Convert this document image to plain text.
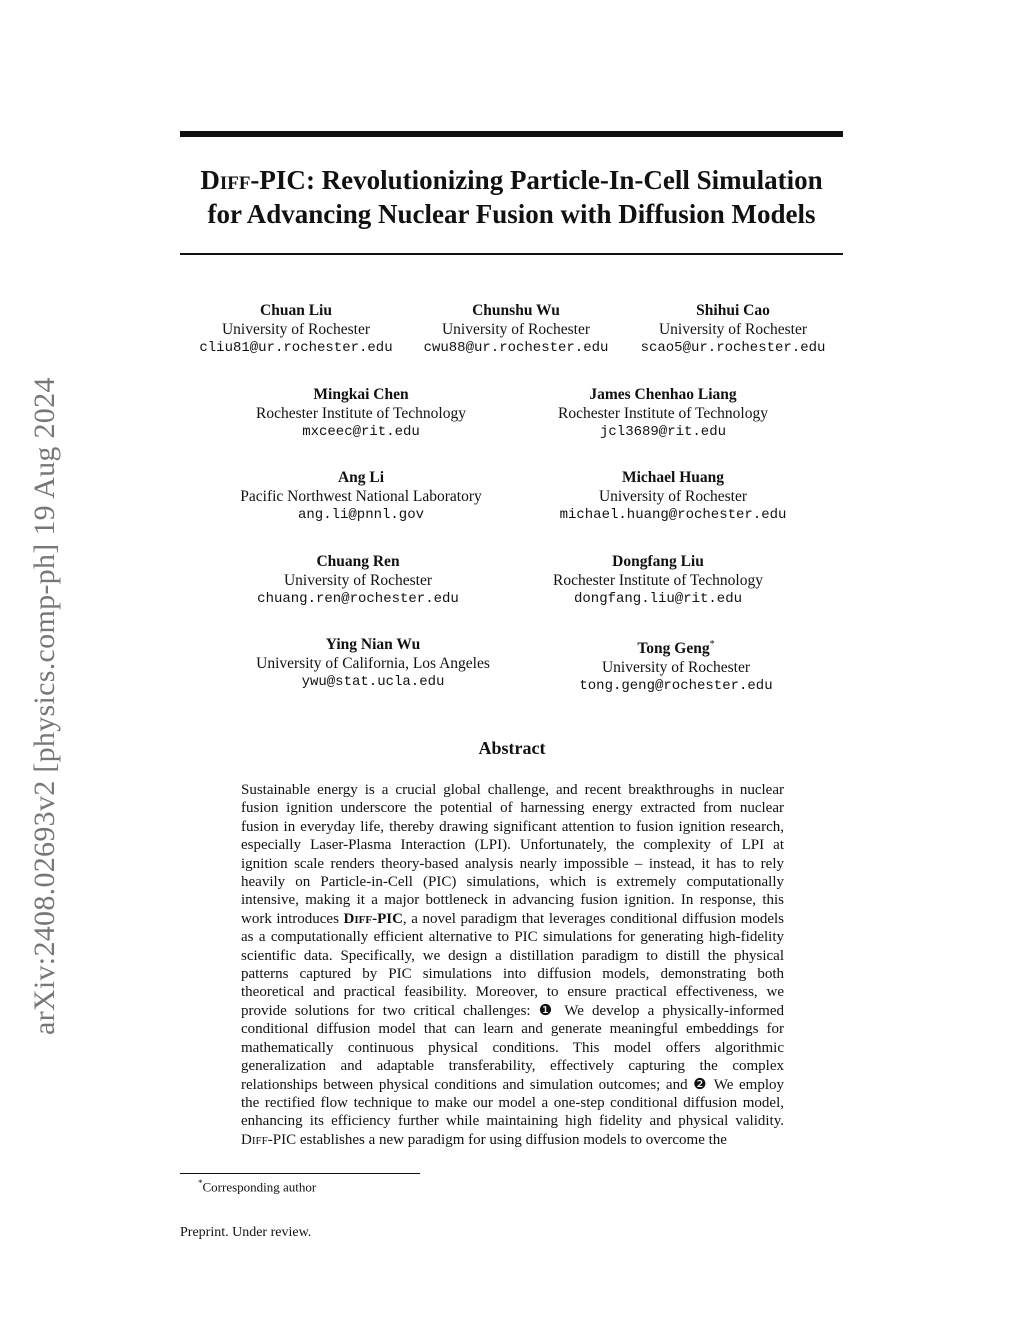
arXiv:2408.02693v2 [physics.comp-ph] 19 Aug 2024
Diff-PIC: Revolutionizing Particle-In-Cell Simulation
for Advancing Nuclear Fusion with Diffusion Models
Chuan Liu
University of Rochester
cliu81@ur.rochester.edu
Chunshu Wu
University of Rochester
cwu88@ur.rochester.edu
Shihui Cao
University of Rochester
scao5@ur.rochester.edu
Mingkai Chen
Rochester Institute of Technology
mxceec@rit.edu
James Chenhao Liang
Rochester Institute of Technology
jcl3689@rit.edu
Ang Li
Pacific Northwest National Laboratory
ang.li@pnnl.gov
Michael Huang
University of Rochester
michael.huang@rochester.edu
Chuang Ren
University of Rochester
chuang.ren@rochester.edu
Dongfang Liu
Rochester Institute of Technology
dongfang.liu@rit.edu
Ying Nian Wu
University of California, Los Angeles
ywu@stat.ucla.edu
Tong Geng*
University of Rochester
tong.geng@rochester.edu
Abstract

Sustainable energy is a crucial global challenge, and recent breakthroughs in nuclear fusion ignition underscore the potential of harnessing energy extracted from nuclear fusion in everyday life, thereby drawing significant attention to fusion ignition research, especially Laser-Plasma Interaction (LPI). Unfortunately, the complexity of LPI at ignition scale renders theory-based analysis nearly impossible – instead, it has to rely heavily on Particle-in-Cell (PIC) simulations, which is extremely computationally intensive, making it a major bottleneck in advancing fusion ignition. In response, this work introduces Diff-PIC, a novel paradigm that leverages conditional diffusion models as a computationally efficient alternative to PIC simulations for generating high-fidelity scientific data. Specifically, we design a distillation paradigm to distill the physical patterns captured by PIC simulations into diffusion models, demonstrating both theoretical and practical feasibility. Moreover, to ensure practical effectiveness, we provide solutions for two critical challenges: ❶ We develop a physically-informed conditional diffusion model that can learn and generate meaningful embeddings for mathematically continuous physical conditions. This model offers algorithmic generalization and adaptable transferability, effectively capturing the complex relationships between physical conditions and simulation outcomes; and ❷ We employ the rectified flow technique to make our model a one-step conditional diffusion model, enhancing its efficiency further while maintaining high fidelity and physical validity. Diff-PIC establishes a new paradigm for using diffusion models to overcome the

*Corresponding author
Preprint. Under review.
